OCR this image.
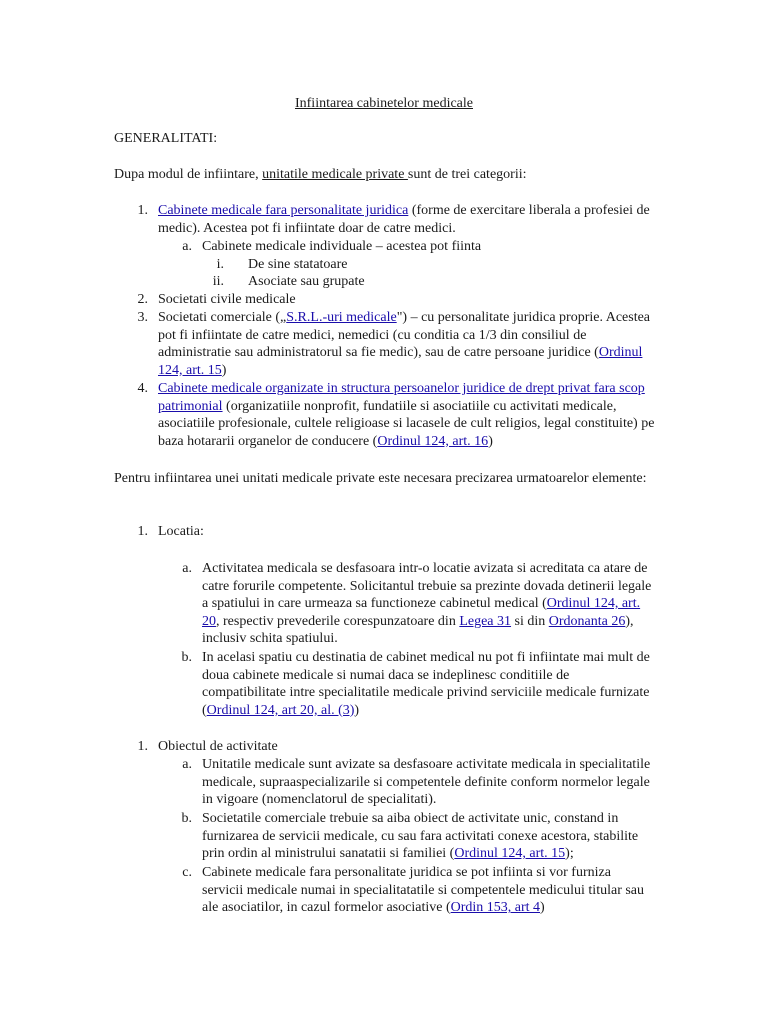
Infiintarea cabinetelor medicale

GENERALITATI:

Dupa modul de infiintare, unitatile medicale private sunt de trei categorii:

1. Cabinete medicale fara personalitate juridica (forme de exercitare liberala a profesiei de medic). Acestea pot fi infiintate doar de catre medici.

a. Cabinete medicale individuale – acestea pot fiinta

i. De sine statatoare

ii. Asociate sau grupate

2. Societati civile medicale

3. Societati comerciale („S.R.L.-uri medicale") – cu personalitate juridica proprie. Acestea pot fi infiintate de catre medici, nemedici (cu conditia ca 1/3 din consiliul de administratie sau administratorul sa fie medic), sau de catre persoane juridice (Ordinul 124, art. 15)

4. Cabinete medicale organizate in structura persoanelor juridice de drept privat fara scop patrimonial (organizatiile nonprofit, fundatiile si asociatiile cu activitati medicale, asociatiile profesionale, cultele religioase si lacasele de cult religios, legal constituite) pe baza hotararii organelor de conducere (Ordinul 124, art. 16)

Pentru infiintarea unei unitati medicale private este necesara precizarea urmatoarelor elemente:

1. Locatia:

a. Activitatea medicala se desfasoara intr-o locatie avizata si acreditata ca atare de catre forurile competente. Solicitantul trebuie sa prezinte dovada detinerii legale a spatiului in care urmeaza sa functioneze cabinetul medical (Ordinul 124, art. 20, respectiv prevederile corespunzatoare din Legea 31 si din Ordonanta 26), inclusiv schita spatiului.

b. In acelasi spatiu cu destinatia de cabinet medical nu pot fi infiintate mai mult de doua cabinete medicale si numai daca se indeplinesc conditiile de compatibilitate intre specialitatile medicale privind serviciile medicale furnizate (Ordinul 124, art 20, al. (3))

1. Obiectul de activitate

a. Unitatile medicale sunt avizate sa desfasoare activitate medicala in specialitatile medicale, supraaspecializarile si competentele definite conform normelor legale in vigoare (nomenclatorul de specialitati).

b. Societatile comerciale trebuie sa aiba obiect de activitate unic, constand in furnizarea de servicii medicale, cu sau fara activitati conexe acestora, stabilite prin ordin al ministrului sanatatii si familiei (Ordinul 124, art. 15);

c. Cabinete medicale fara personalitate juridica se pot infiinta si vor furniza servicii medicale numai in specialitatatile si competentele medicului titular sau ale asociatilor, in cazul formelor asociative (Ordin 153, art 4)
